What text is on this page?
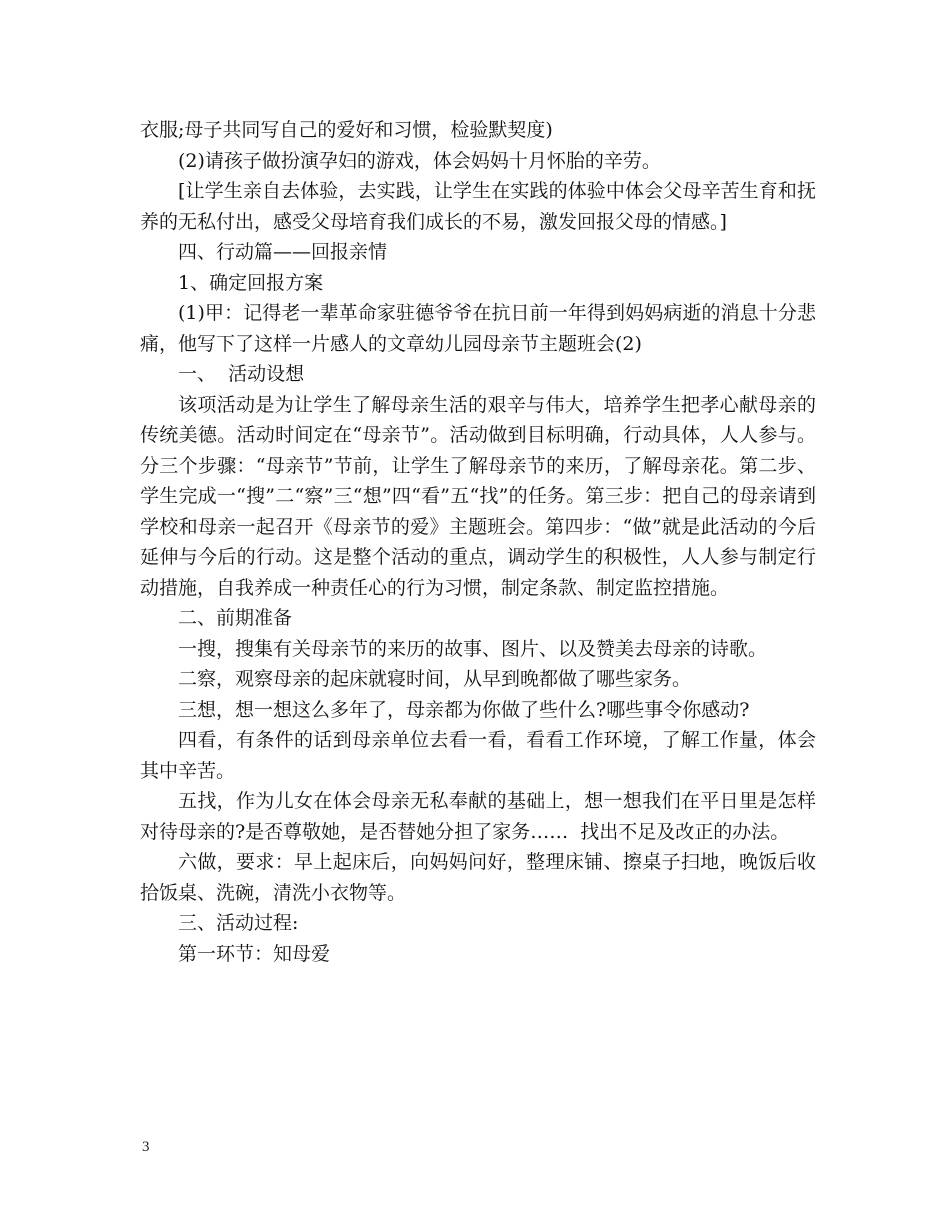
衣服;母子共同写自己的爱好和习惯，检验默契度)

(2)请孩子做扮演孕妇的游戏，体会妈妈十月怀胎的辛劳。

[让学生亲自去体验，去实践，让学生在实践的体验中体会父母辛苦生育和抚养的无私付出，感受父母培育我们成长的不易，激发回报父母的情感。]

四、行动篇——回报亲情

1、确定回报方案

(1)甲：记得老一辈革命家驻德爷爷在抗日前一年得到妈妈病逝的消息十分悲痛，他写下了这样一片感人的文章幼儿园母亲节主题班会(2)

一、  活动设想

该项活动是为让学生了解母亲生活的艰辛与伟大，培养学生把孝心献母亲的传统美德。活动时间定在“母亲节”。活动做到目标明确，行动具体，人人参与。分三个步骤：“母亲节”节前，让学生了解母亲节的来历，了解母亲花。第二步、学生完成一“搜”二“察”三“想”四“看”五“找”的任务。第三步：把自己的母亲请到学校和母亲一起召开《母亲节的爱》主题班会。第四步：“做”就是此活动的今后延伸与今后的行动。这是整个活动的重点，调动学生的积极性，人人参与制定行动措施，自我养成一种责任心的行为习惯，制定条款、制定监控措施。

二、前期准备

一搜，搜集有关母亲节的来历的故事、图片、以及赞美去母亲的诗歌。

二察，观察母亲的起床就寝时间，从早到晚都做了哪些家务。

三想，想一想这么多年了，母亲都为你做了些什么?哪些事令你感动?

四看，有条件的话到母亲单位去看一看，看看工作环境，了解工作量，体会其中辛苦。

五找，作为儿女在体会母亲无私奉献的基础上，想一想我们在平日里是怎样对待母亲的?是否尊敬她，是否替她分担了家务……  找出不足及改正的办法。

六做，要求：早上起床后，向妈妈问好，整理床铺、擦桌子扫地，晚饭后收拾饭桌、洗碗，清洗小衣物等。

三、活动过程:

第一环节：知母爱

3
